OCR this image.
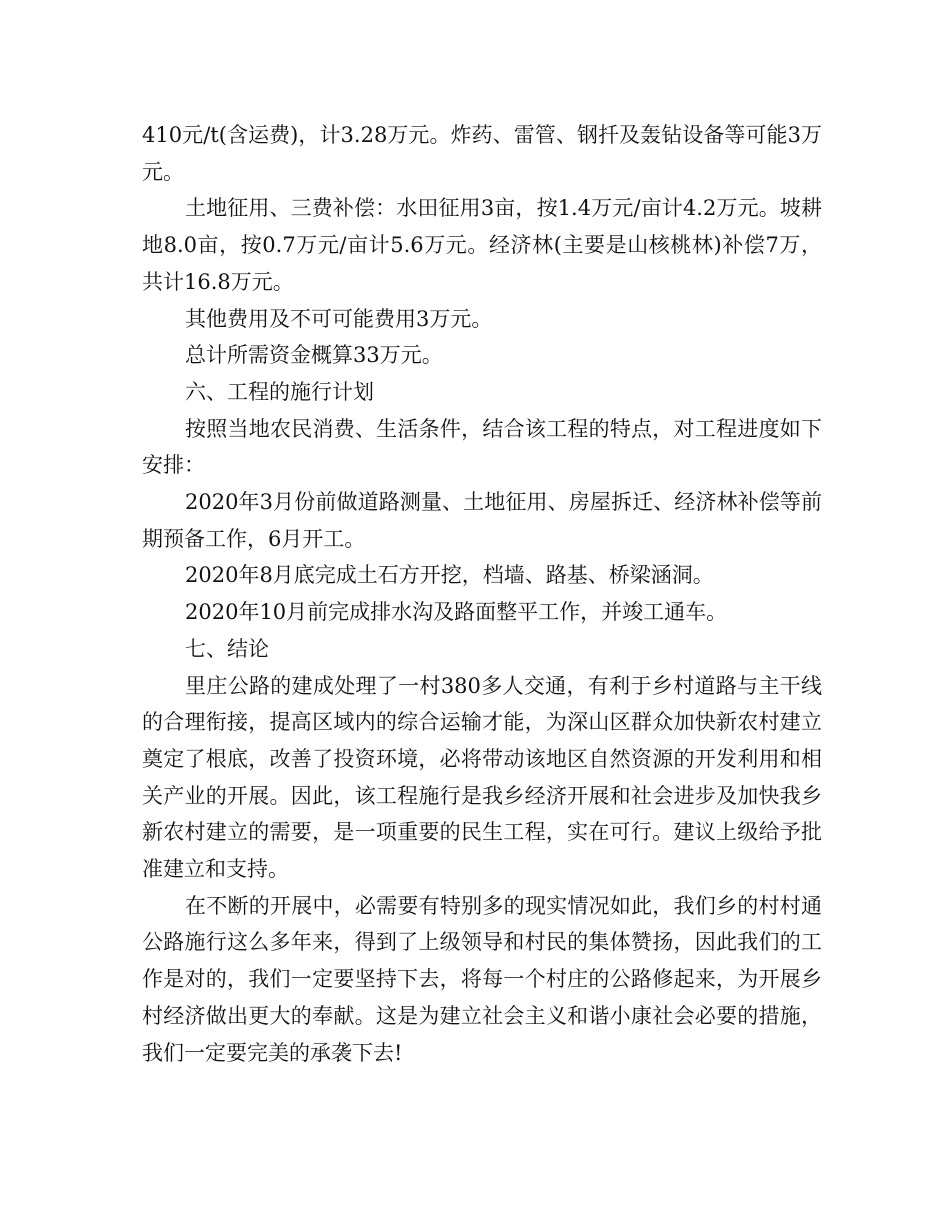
410元/t(含运费)，计3.28万元。炸药、雷管、钢扦及轰钻设备等可能3万元。

土地征用、三费补偿：水田征用3亩，按1.4万元/亩计4.2万元。坡耕地8.0亩，按0.7万元/亩计5.6万元。经济林(主要是山核桃林)补偿7万，共计16.8万元。

其他费用及不可可能费用3万元。

总计所需资金概算33万元。

六、工程的施行计划

按照当地农民消费、生活条件，结合该工程的特点，对工程进度如下安排：

2020年3月份前做道路测量、土地征用、房屋拆迁、经济林补偿等前期预备工作，6月开工。

2020年8月底完成土石方开挖，档墙、路基、桥梁涵洞。

2020年10月前完成排水沟及路面整平工作，并竣工通车。

七、结论

里庄公路的建成处理了一村380多人交通，有利于乡村道路与主干线的合理衔接，提高区域内的综合运输才能，为深山区群众加快新农村建立奠定了根底，改善了投资环境，必将带动该地区自然资源的开发利用和相关产业的开展。因此，该工程施行是我乡经济开展和社会进步及加快我乡新农村建立的需要，是一项重要的民生工程，实在可行。建议上级给予批准建立和支持。

在不断的开展中，必需要有特别多的现实情况如此，我们乡的村村通公路施行这么多年来，得到了上级领导和村民的集体赞扬，因此我们的工作是对的，我们一定要坚持下去，将每一个村庄的公路修起来，为开展乡村经济做出更大的奉献。这是为建立社会主义和谐小康社会必要的措施，我们一定要完美的承袭下去!
